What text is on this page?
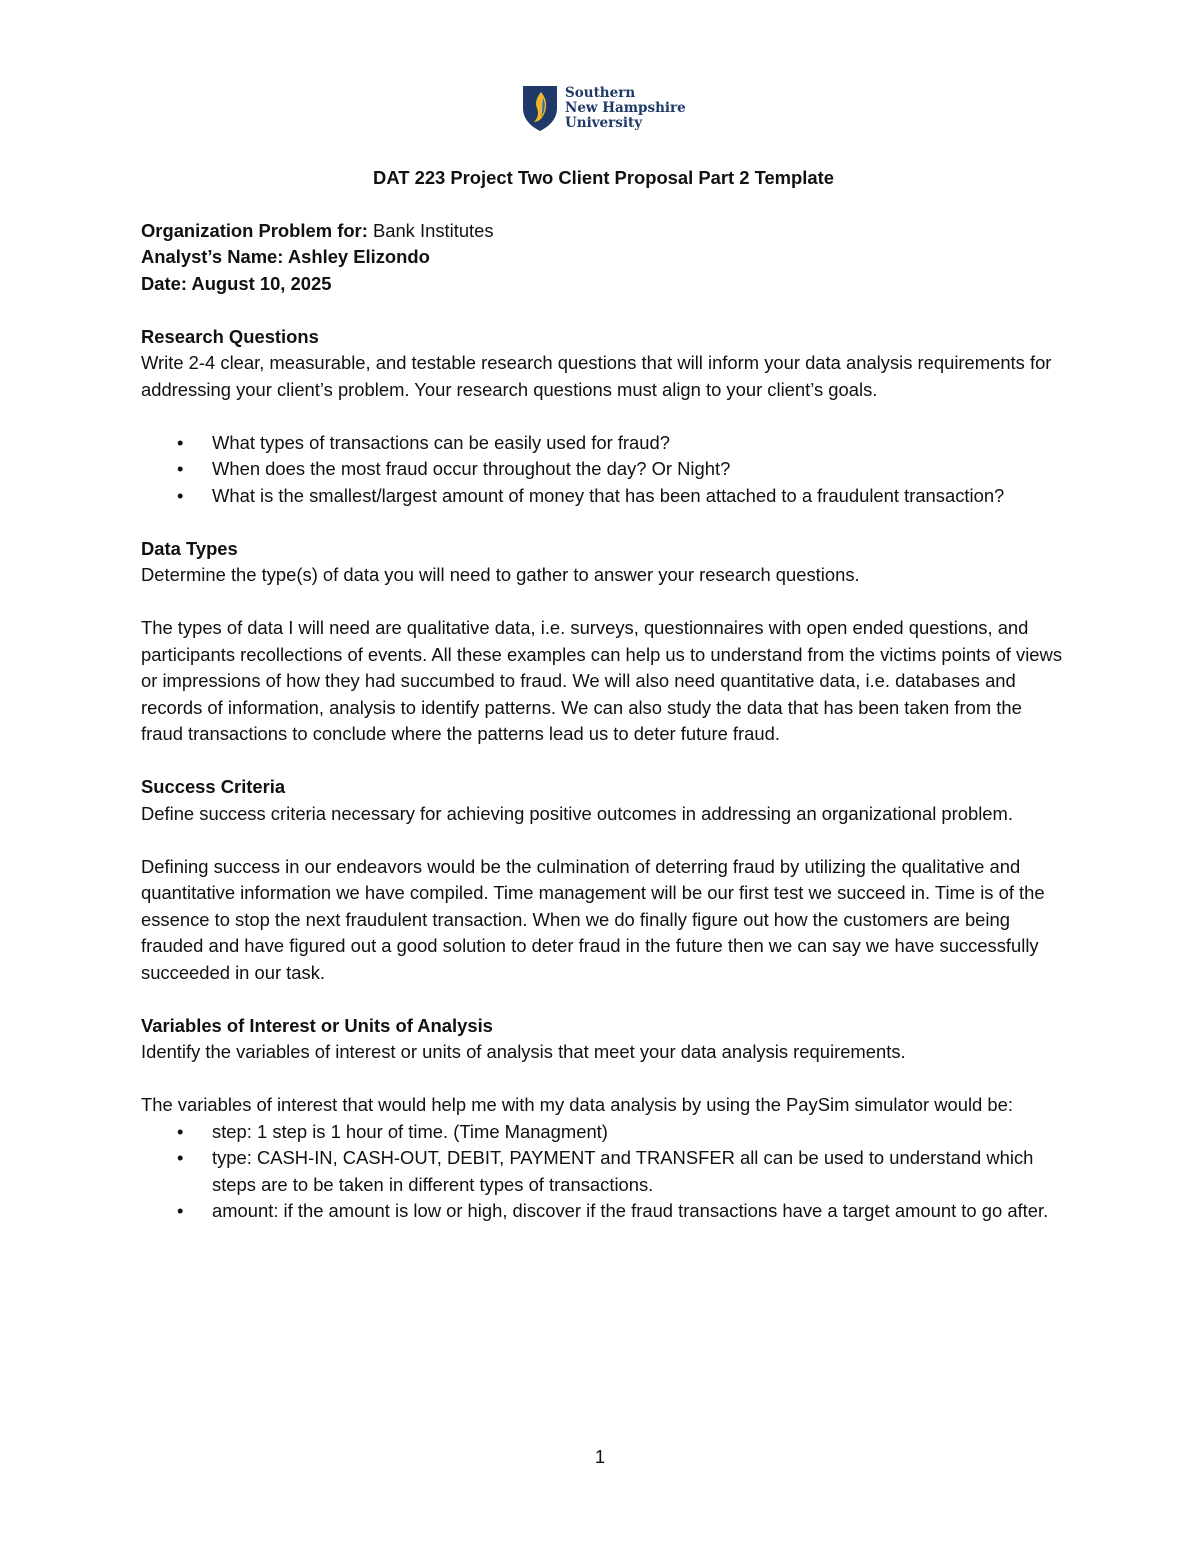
Southern
New Hampshire
University

DAT 223 Project Two Client Proposal Part 2 Template

Organization Problem for: Bank Institutes

Analyst’s Name: Ashley Elizondo

Date: August 10, 2025

Research Questions

Write 2-4 clear, measurable, and testable research questions that will inform your data analysis requirements for addressing your client’s problem. Your research questions must align to your client’s goals.

• What types of transactions can be easily used for fraud?
• When does the most fraud occur throughout the day? Or Night?
• What is the smallest/largest amount of money that has been attached to a fraudulent transaction?

Data Types

Determine the type(s) of data you will need to gather to answer your research questions.

The types of data I will need are qualitative data, i.e. surveys, questionnaires with open ended questions, and participants recollections of events. All these examples can help us to understand from the victims points of views or impressions of how they had succumbed to fraud. We will also need quantitative data, i.e. databases and records of information, analysis to identify patterns. We can also study the data that has been taken from the fraud transactions to conclude where the patterns lead us to deter future fraud.

Success Criteria

Define success criteria necessary for achieving positive outcomes in addressing an organizational problem.

Defining success in our endeavors would be the culmination of deterring fraud by utilizing the qualitative and quantitative information we have compiled. Time management will be our first test we succeed in. Time is of the essence to stop the next fraudulent transaction. When we do finally figure out how the customers are being frauded and have figured out a good solution to deter fraud in the future then we can say we have successfully succeeded in our task.

Variables of Interest or Units of Analysis

Identify the variables of interest or units of analysis that meet your data analysis requirements.

The variables of interest that would help me with my data analysis by using the PaySim simulator would be:

• step: 1 step is 1 hour of time. (Time Managment)
• type: CASH-IN, CASH-OUT, DEBIT, PAYMENT and TRANSFER all can be used to understand which steps are to be taken in different types of transactions.
• amount: if the amount is low or high, discover if the fraud transactions have a target amount to go after.
1
